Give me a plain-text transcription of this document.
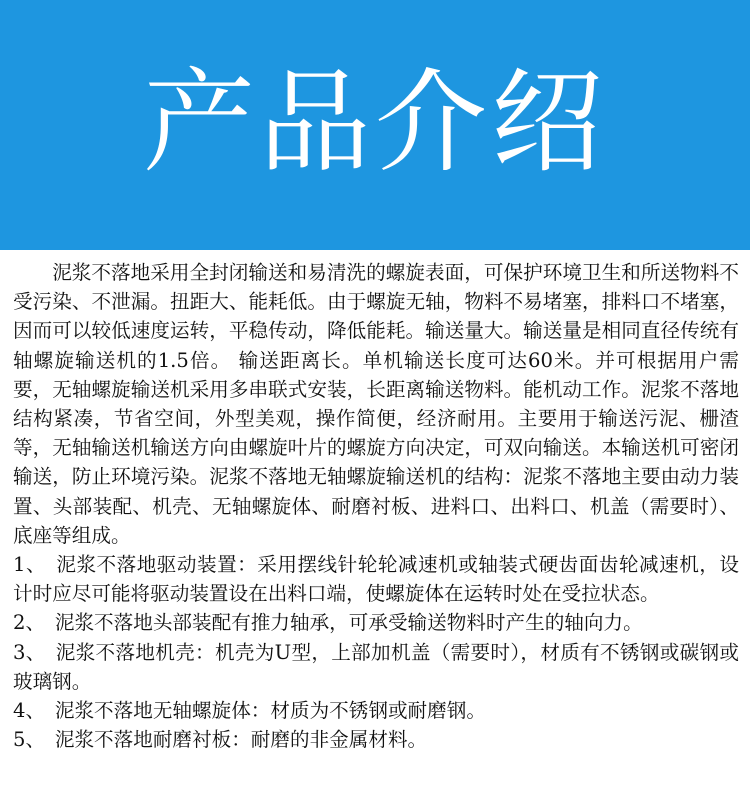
产品介绍

泥浆不落地采用全封闭输送和易清洗的螺旋表面，可保护环境卫生和所送物料不受污染、不泄漏。扭距大、能耗低。由于螺旋无轴，物料不易堵塞，排料口不堵塞，因而可以较低速度运转，平稳传动，降低能耗。输送量大。输送量是相同直径传统有轴螺旋输送机的1.5倍。 输送距离长。单机输送长度可达60米。并可根据用户需要，无轴螺旋输送机采用多串联式安装，长距离输送物料。能机动工作。泥浆不落地结构紧凑，节省空间，外型美观，操作简便，经济耐用。主要用于输送污泥、栅渣等，无轴输送机输送方向由螺旋叶片的螺旋方向决定，可双向输送。本输送机可密闭输送，防止环境污染。泥浆不落地无轴螺旋输送机的结构：泥浆不落地主要由动力装置、头部装配、机壳、无轴螺旋体、耐磨衬板、进料口、出料口、机盖（需要时）、底座等组成。

1、　泥浆不落地驱动装置：采用摆线针轮轮减速机或轴装式硬齿面齿轮减速机，设计时应尽可能将驱动装置设在出料口端，使螺旋体在运转时处在受拉状态。

2、　泥浆不落地头部装配有推力轴承，可承受输送物料时产生的轴向力。

3、　泥浆不落地机壳：机壳为U型，上部加机盖（需要时），材质有不锈钢或碳钢或玻璃钢。

4、　泥浆不落地无轴螺旋体：材质为不锈钢或耐磨钢。

5、　泥浆不落地耐磨衬板：耐磨的非金属材料。
